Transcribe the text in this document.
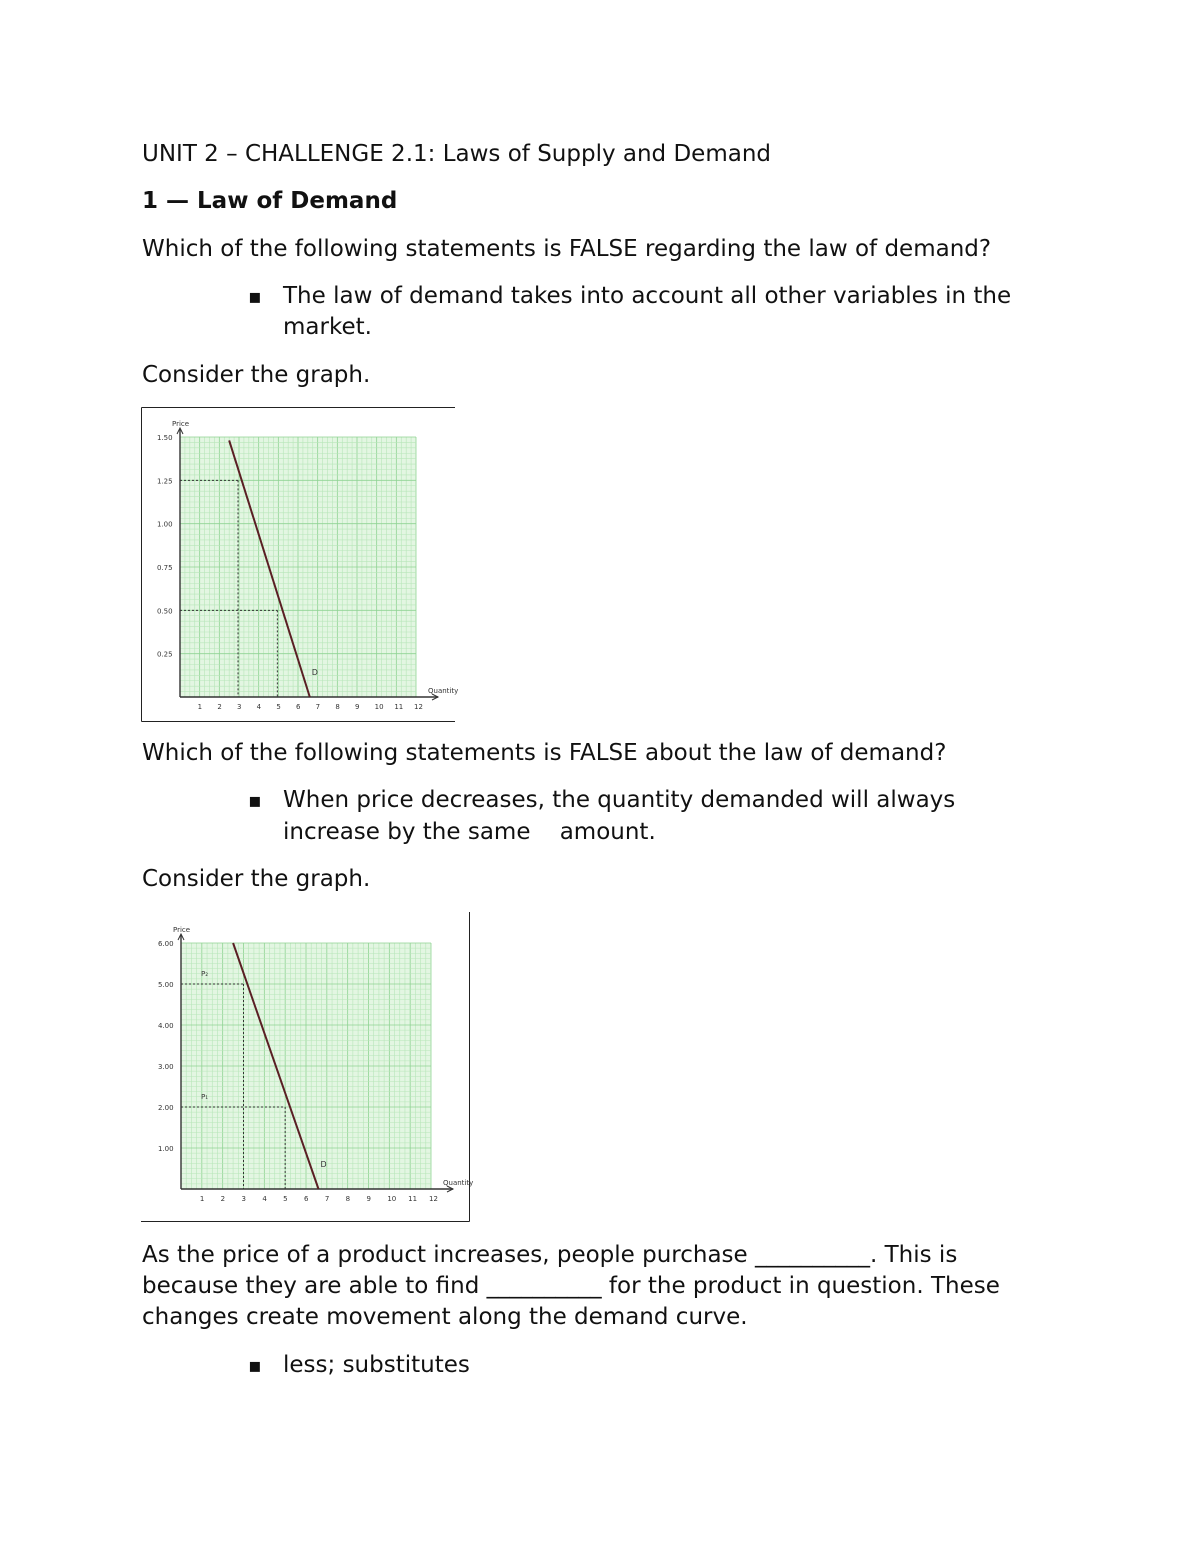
UNIT 2 – CHALLENGE 2.1: Laws of Supply and Demand
1 — Law of Demand
Which of the following statements is FALSE regarding the law of demand?
▪ The law of demand takes into account all other variables in the
market.
Consider the graph.
Price
Quantity
1 2 3 4 5 6 7 8 9 10 11 12
0.25
0.50
0.75
1.00
1.25
1.50
D
Which of the following statements is FALSE about the law of demand?
▪ When price decreases, the quantity demanded will always
increase by the same    amount.
Consider the graph.
Price
Quantity
1 2 3 4 5 6 7 8 9 10 11 12
1.00
2.00
3.00
4.00
5.00
6.00
D
P₂
P₁
As the price of a product increases, people purchase __________. This is
because they are able to find __________ for the product in question. These
changes create movement along the demand curve.
▪ less; substitutes
